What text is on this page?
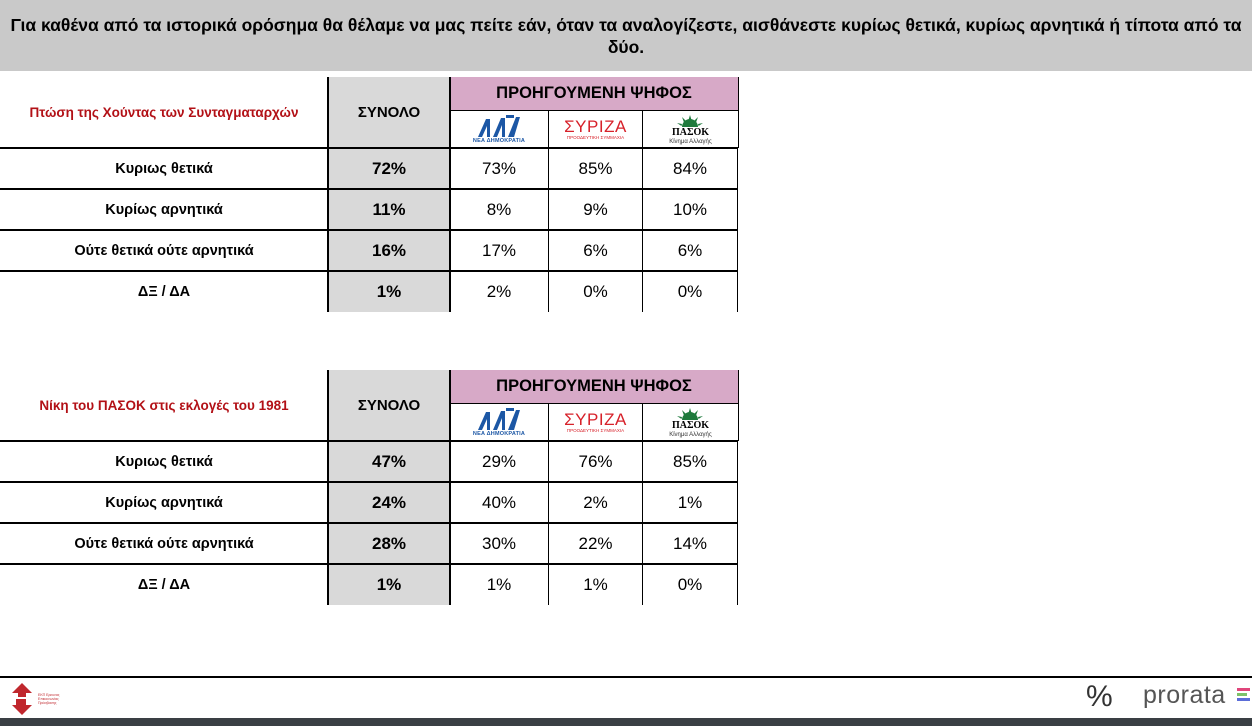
Για καθένα από τα ιστορικά ορόσημα θα θέλαμε να μας πείτε εάν, όταν τα αναλογίζεστε, αισθάνεστε κυρίως θετικά, κυρίως αρνητικά ή τίποτα από τα δύο.
Πτώση της Χούντας των Συνταγματαρχών	ΣΥΝΟΛΟ
ΠΡΟΗΓΟΥΜΕΝΗ ΨΗΦΟΣ
ΝΕΑ ΔΗΜΟΚΡΑΤΙΑ
ΣΥΡΙΖΑ
ΠΡΟΟΔΕΥΤΙΚΗ ΣΥΜΜΑΧΙΑ
ΠΑΣΟΚ
Κίνημα Αλλαγής
Κυριως θετικά	72%	73%	85%	84%
Κυρίως αρνητικά	11%	8%	9%	10%
Ούτε θετικά ούτε αρνητικά	16%	17%	6%	6%
ΔΞ / ΔΑ	1%	2%	0%	0%
Νίκη του ΠΑΣΟΚ στις εκλογές του 1981	ΣΥΝΟΛΟ
ΠΡΟΗΓΟΥΜΕΝΗ ΨΗΦΟΣ
ΝΕΑ ΔΗΜΟΚΡΑΤΙΑ
ΣΥΡΙΖΑ
ΠΡΟΟΔΕΥΤΙΚΗ ΣΥΜΜΑΧΙΑ
ΠΑΣΟΚ
Κίνημα Αλλαγής
Κυριως θετικά	47%	29%	76%	85%
Κυρίως αρνητικά	24%	40%	2%	1%
Ούτε θετικά ούτε αρνητικά	28%	30%	22%	14%
ΔΞ / ΔΑ	1%	1%	1%	0%
ΕΚΠ Ερευνας Επικοινωνίας Πρόσβασης	% prorata
